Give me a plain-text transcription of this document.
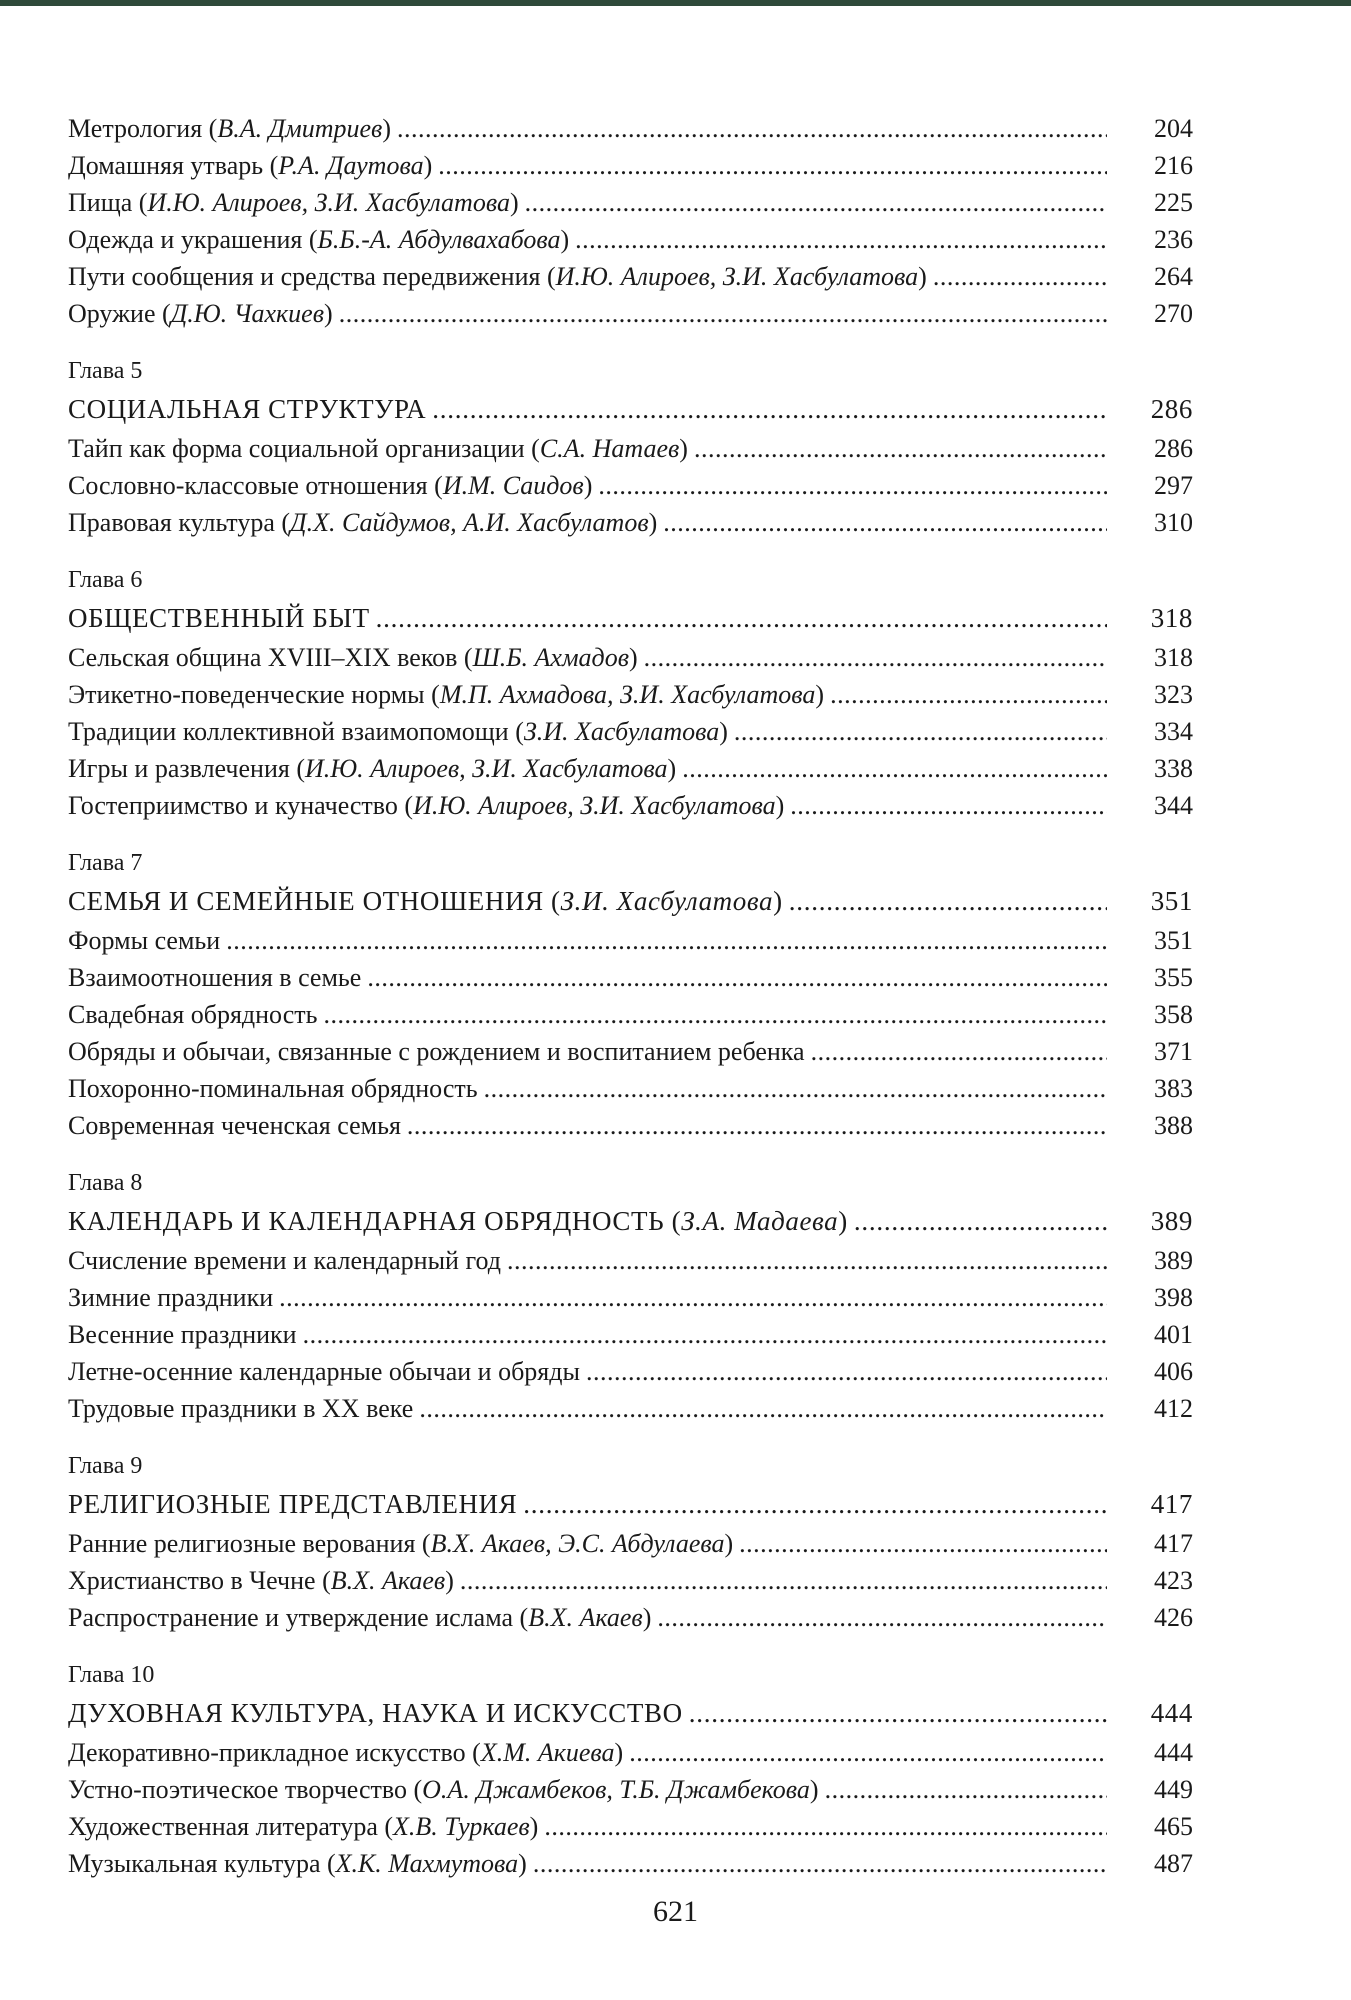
Метрология (В.А. Дмитриев) . . .	204
Домашняя утварь (Р.А. Даутова) . . .	216
Пища (И.Ю. Алироев, З.И. Хасбулатова) . . .	225
Одежда и украшения (Б.Б.-А. Абдулвахабова) . . .	236
Пути сообщения и средства передвижения (И.Ю. Алироев, З.И. Хасбулатова) . . .	264
Оружие (Д.Ю. Чахкиев) . . .	270
Глава 5
СОЦИАЛЬНАЯ СТРУКТУРА . . .	286
Тайп как форма социальной организации (С.А. Натаев) . . .	286
Сословно-классовые отношения (И.М. Саидов) . . .	297
Правовая культура (Д.Х. Сайдумов, А.И. Хасбулатов) . . .	310
Глава 6
ОБЩЕСТВЕННЫЙ БЫТ . . .	318
Сельская община XVIII–XIX веков (Ш.Б. Ахмадов) . . .	318
Этикетно-поведенческие нормы (М.П. Ахмадова, З.И. Хасбулатова) . . .	323
Традиции коллективной взаимопомощи (З.И. Хасбулатова) . . .	334
Игры и развлечения (И.Ю. Алироев, З.И. Хасбулатова) . . .	338
Гостеприимство и куначество (И.Ю. Алироев, З.И. Хасбулатова) . . .	344
Глава 7
СЕМЬЯ И СЕМЕЙНЫЕ ОТНОШЕНИЯ (З.И. Хасбулатова) . . .	351
Формы семьи . . .	351
Взаимоотношения в семье . . .	355
Свадебная обрядность . . .	358
Обряды и обычаи, связанные с рождением и воспитанием ребенка . . .	371
Похоронно-поминальная обрядность . . .	383
Современная чеченская семья . . .	388
Глава 8
КАЛЕНДАРЬ И КАЛЕНДАРНАЯ ОБРЯДНОСТЬ (З.А. Мадаева) . . .	389
Счисление времени и календарный год . . .	389
Зимние праздники . . .	398
Весенние праздники . . .	401
Летне-осенние календарные обычаи и обряды . . .	406
Трудовые праздники в XX веке . . .	412
Глава 9
РЕЛИГИОЗНЫЕ ПРЕДСТАВЛЕНИЯ . . .	417
Ранние религиозные верования (В.Х. Акаев, Э.С. Абдулаева) . . .	417
Христианство в Чечне (В.Х. Акаев) . . .	423
Распространение и утверждение ислама (В.Х. Акаев) . . .	426
Глава 10
ДУХОВНАЯ КУЛЬТУРА, НАУКА И ИСКУССТВО . . .	444
Декоративно-прикладное искусство (Х.М. Акиева) . . .	444
Устно-поэтическое творчество (О.А. Джамбеков, Т.Б. Джамбекова) . . .	449
Художественная литература (Х.В. Туркаев) . . .	465
Музыкальная культура (Х.К. Махмутова) . . .	487
621
